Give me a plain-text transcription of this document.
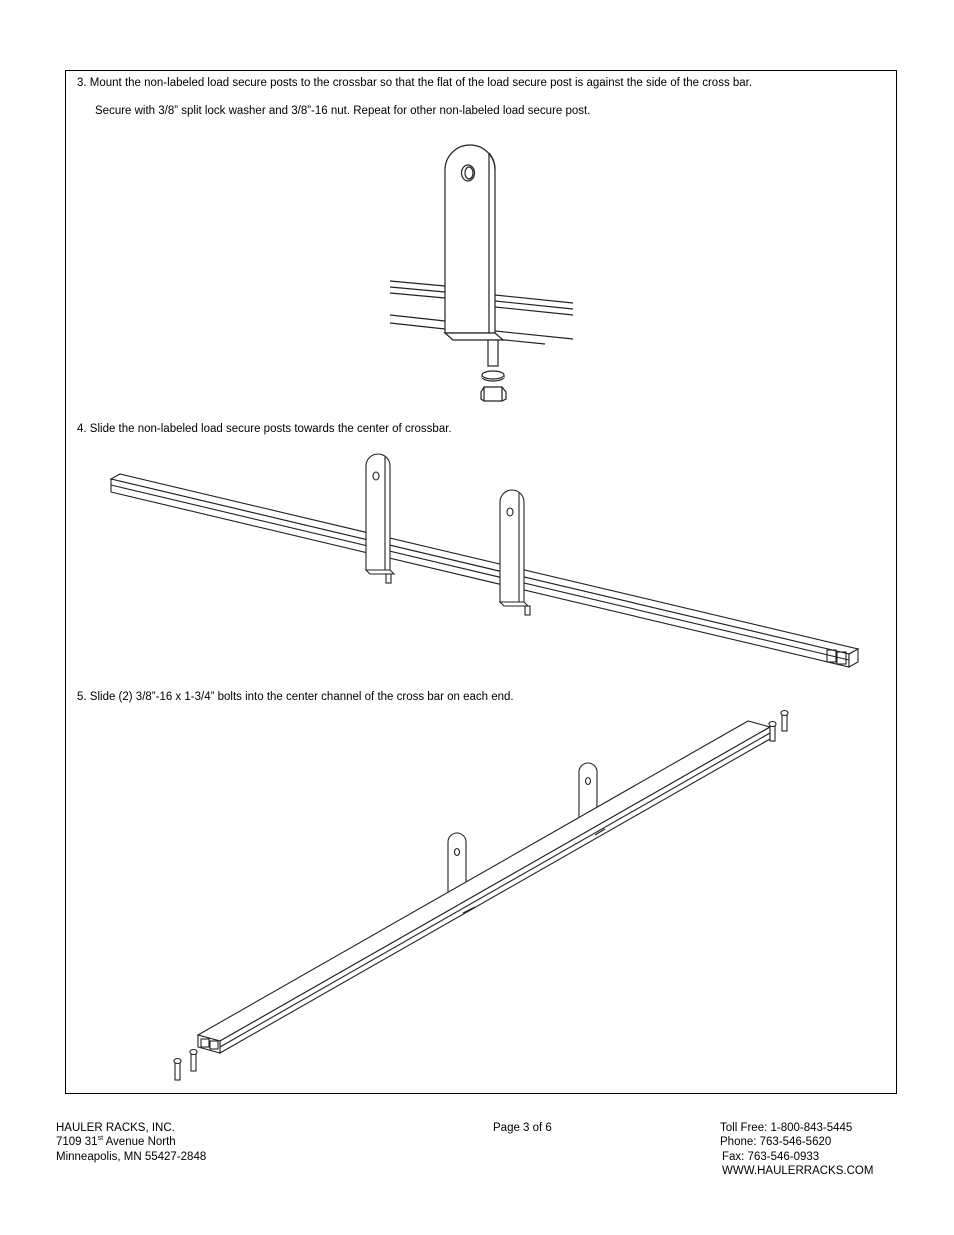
3. Mount the non-labeled load secure posts to the crossbar so that the flat of the load secure post is against the side of the cross bar.
Secure with 3/8” split lock washer and 3/8”-16 nut. Repeat for other non-labeled load secure post.
4. Slide the non-labeled load secure posts towards the center of crossbar.
5. Slide (2) 3/8”-16 x 1-3/4” bolts into the center channel of the cross bar on each end.
HAULER RACKS, INC.
7109 31st Avenue North
Minneapolis, MN 55427-2848
Page 3 of 6	Toll Free: 1-800-843-5445
Phone: 763-546-5620
Fax: 763-546-0933
WWW.HAULERRACKS.COM
